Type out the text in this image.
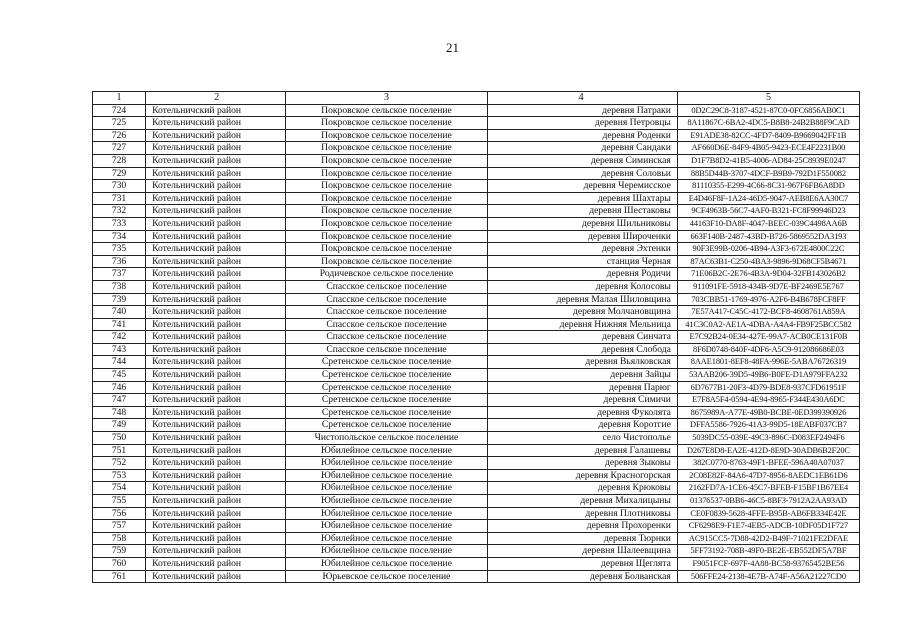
21
1	2	3	4	5
724	Котельничский район	Покровское сельское поселение	деревня Патраки	0D2C29C8-3187-4521-87C0-0FC6856AB0C1
725	Котельничский район	Покровское сельское поселение	деревня Петровцы	8A11867C-6BA2-4DC5-B8B8-24B2B88F9CAD
726	Котельничский район	Покровское сельское поселение	деревня Роденки	E91ADE38-82CC-4FD7-8409-B9669042FF1B
727	Котельничский район	Покровское сельское поселение	деревня Сандаки	AF660D6E-84F9-4B05-9423-ECE4F2231B00
728	Котельничский район	Покровское сельское поселение	деревня Симинская	D1F7B8D2-41B5-4006-AD84-25C8939E0247
729	Котельничский район	Покровское сельское поселение	деревня Соловьи	88B5D44B-3707-4DCF-B9B9-792D1F550082
730	Котельничский район	Покровское сельское поселение	деревня Черемисское	81110355-E299-4C66-8C31-967F6FB6A8DD
731	Котельничский район	Покровское сельское поселение	деревня Шахтары	E4D46F8F-1A24-46D5-9047-AEB8E6AA30C7
732	Котельничский район	Покровское сельское поселение	деревня Шестаковы	9CF4963B-56C7-4AF0-B321-FC8F99946D23
733	Котельничский район	Покровское сельское поселение	деревня Шильниковы	44163F10-DA8F-4047-BEEC-039C4498AA6B
734	Котельничский район	Покровское сельское поселение	деревня Широченки	663F140B-2487-43BD-B726-5869552DA3193
735	Котельничский район	Покровское сельское поселение	деревня Эхтенки	90F3E99B-0206-4B94-A3F3-672E4800C22C
736	Котельничский район	Покровское сельское поселение	станция Черная	87AC63B1-C250-4BA3-9896-9D68CF5B4671
737	Котельничский район	Родичевское сельское поселение	деревня Родичи	71E06B2C-2E76-4B3A-9D04-32FB143026B2
738	Котельничский район	Спасское сельское поселение	деревня Колосовы	911091FE-5918-434B-9D7E-BF2469E5E767
739	Котельничский район	Спасское сельское поселение	деревня Малая Шиловщина	703CBB51-1769-4976-A2F6-B4B678FCF8FF
740	Котельничский район	Спасское сельское поселение	деревня Молчановщина	7E57A417-C45C-4172-BCF8-4608761A859A
741	Котельничский район	Спасское сельское поселение	деревня Нижняя Мельница	41C3C0A2-AE1A-4DBA-A4A4-FB9F25BCC582
742	Котельничский район	Спасское сельское поселение	деревня Синчата	E7C92B24-0E34-427E-99A7-ACB0CE131F0B
743	Котельничский район	Спасское сельское поселение	деревня Слобода	8F6D0748-840F-4DF6-A5C9-912086686E03
744	Котельничский район	Сретенское сельское поселение	деревня Вьялковская	8AAE1801-8EF8-48FA-996E-5ABA76726319
745	Котельничский район	Сретенское сельское поселение	деревня Зайцы	53AAB206-39D5-49B6-B0FE-D1A979FFA232
746	Котельничский район	Сретенское сельское поселение	деревня Парюг	6D7677B1-20F3-4D79-BDE8-937CFD61951F
747	Котельничский район	Сретенское сельское поселение	деревня Симичи	E7F8A5F4-0594-4E94-8965-F344E430A6DC
748	Котельничский район	Сретенское сельское поселение	деревня Фуколята	8675989A-A77E-49B0-BCBE-0ED399390926
749	Котельничский район	Сретенское сельское поселение	деревня Коротгие	DFFA5586-7926-41A3-99D5-18EABF037CB7
750	Котельничский район	Чистопольское сельское поселение	село Чистополье	5039DC55-039E-49C3-896C-D083EF2494F6
751	Котельничский район	Юбилейное сельское поселение	деревня Галашевы	D267E8D8-EA2E-412D-8E9D-30ADB6B2F20C
752	Котельничский район	Юбилейное сельское поселение	деревня Зыковы	382C0770-8763-49F1-BFEE-596A40A07037
753	Котельничский район	Юбилейное сельское поселение	деревня Красногорская	2C08E82F-84A6-47D7-8956-8AEDC1EB61D6
754	Котельничский район	Юбилейное сельское поселение	деревня Крюковы	2162FD7A-1CE6-45C7-BFEB-F15BF1B67EE4
755	Котельничский район	Юбилейное сельское поселение	деревня Михалицыны	01376537-0BB6-46C5-8BF3-7912A2AA93AD
756	Котельничский район	Юбилейное сельское поселение	деревня Плотниковы	CE0F0839-5628-4FFE-B95B-AB6FB334E42E
757	Котельничский район	Юбилейное сельское поселение	деревня Прохоренки	CF6298E9-F1E7-4EB5-ADCB-10DF05D1F727
758	Котельничский район	Юбилейное сельское поселение	деревня Тюрнки	AC915CC5-7D88-42D2-B49F-71021FE2DFAE
759	Котельничский район	Юбилейное сельское поселение	деревня Шалеевщина	5FF73192-708B-49F0-BE2E-EB552DF5A7BF
760	Котельничский район	Юбилейное сельское поселение	деревня Щеглята	F9051FCF-697F-4A88-BC58-93765452BE56
761	Котельничский район	Юрьевское сельское поселение	деревня Болванская	506FFE24-2138-4E7B-A74F-A56A21227CD0
